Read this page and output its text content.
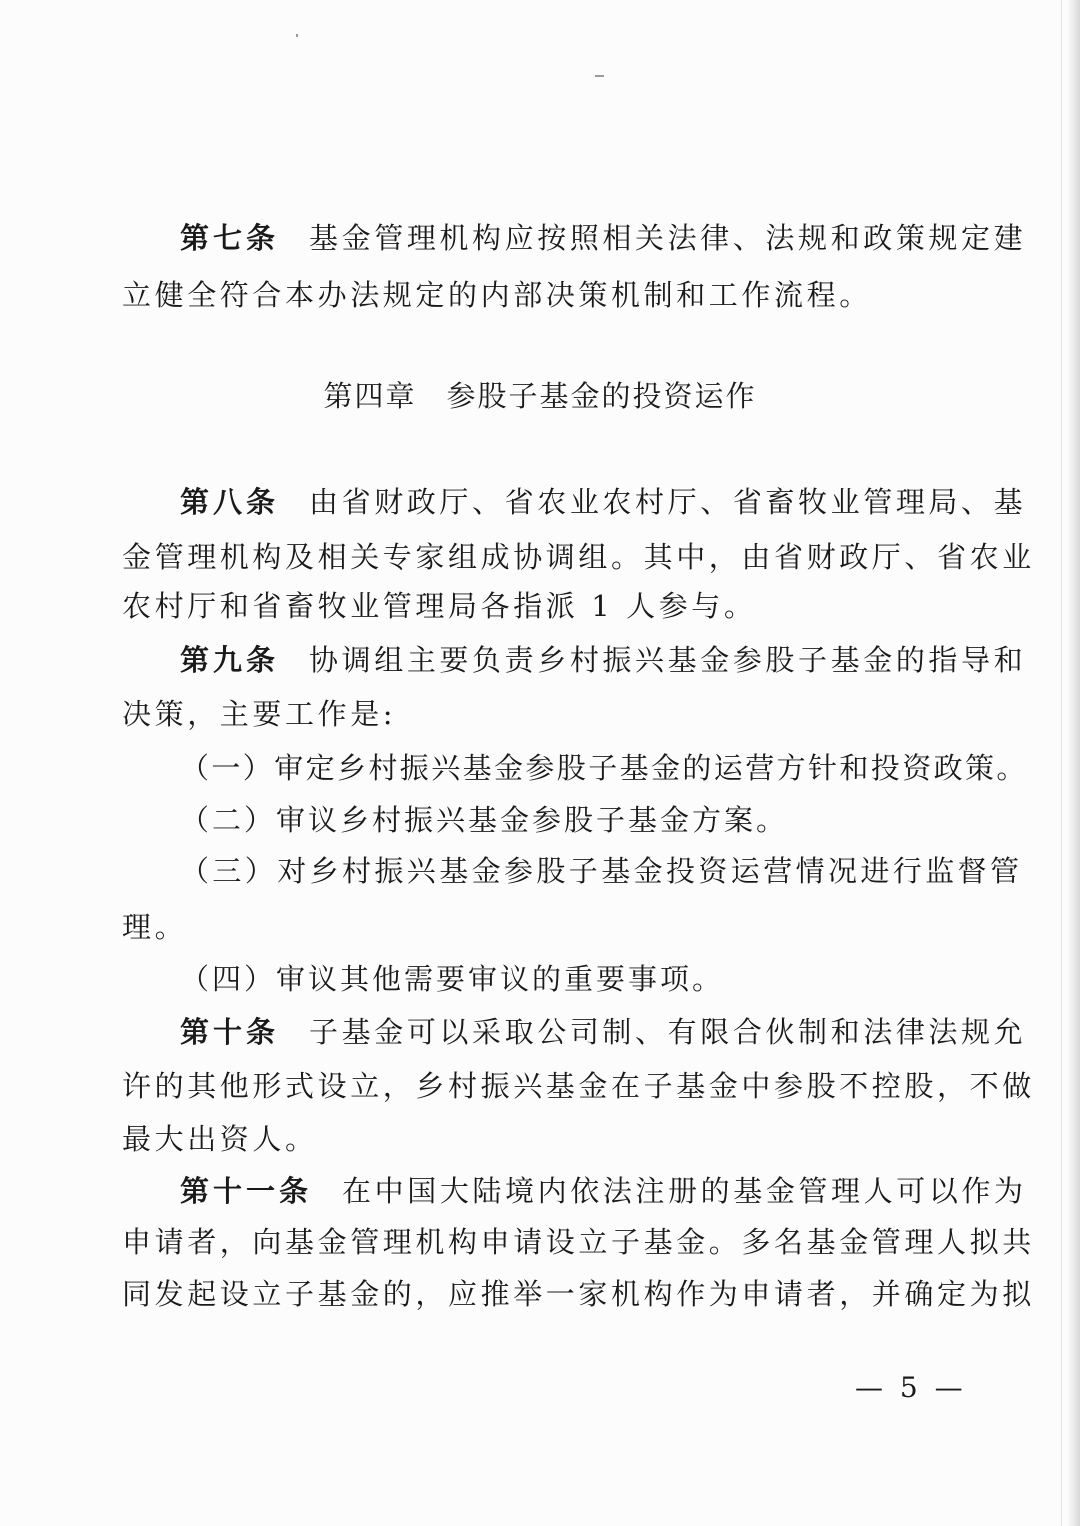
第七条 基金管理机构应按照相关法律、法规和政策规定建
立健全符合本办法规定的内部决策机制和工作流程。
第四章 参股子基金的投资运作
第八条 由省财政厅、省农业农村厅、省畜牧业管理局、基
金管理机构及相关专家组成协调组。其中，由省财政厅、省农业
农村厅和省畜牧业管理局各指派 1 人参与。
第九条 协调组主要负责乡村振兴基金参股子基金的指导和
决策，主要工作是:
（一）审定乡村振兴基金参股子基金的运营方针和投资政策。
（二）审议乡村振兴基金参股子基金方案。
（三）对乡村振兴基金参股子基金投资运营情况进行监督管
理。
（四）审议其他需要审议的重要事项。
第十条 子基金可以采取公司制、有限合伙制和法律法规允
许的其他形式设立，乡村振兴基金在子基金中参股不控股，不做
最大出资人。
第十一条 在中国大陆境内依法注册的基金管理人可以作为
申请者，向基金管理机构申请设立子基金。多名基金管理人拟共
同发起设立子基金的，应推举一家机构作为申请者，并确定为拟
— 5 —
